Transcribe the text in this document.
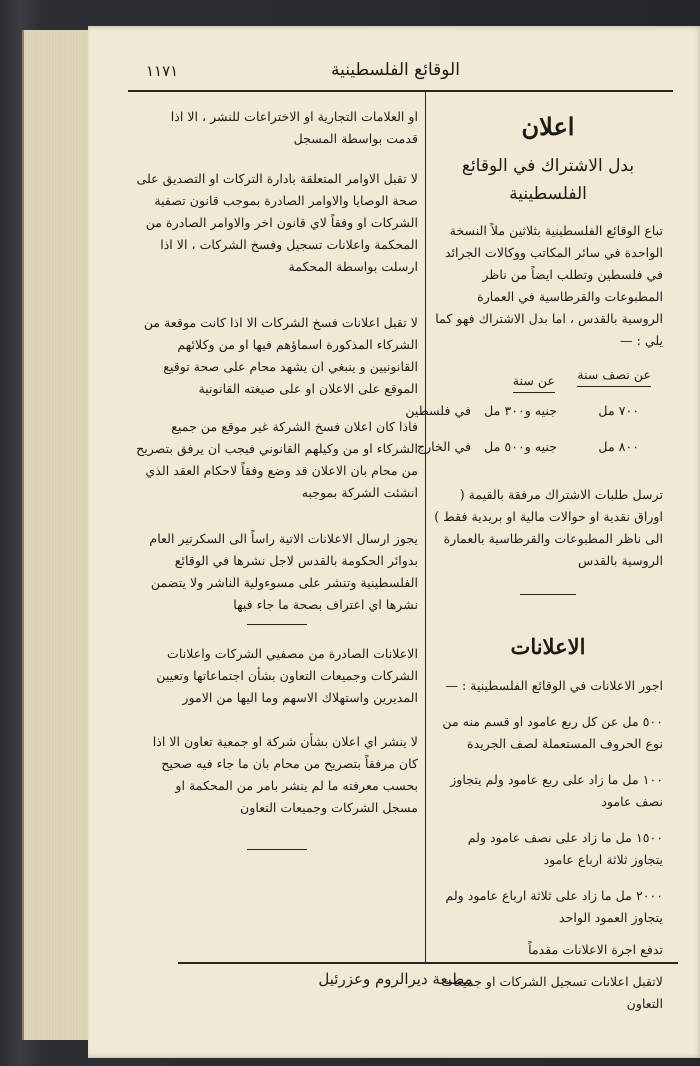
الوقائع الفلسطينية
١١٧١

او العلامات التجارية او الاختراعات للنشر ، الا اذا قدمت بواسطة المسجل

لا تقبل الاوامر المتعلقة بادارة التركات او التصديق على صحة الوصايا والاوامر الصادرة بموجب قانون تصفية الشركات او وفقاً لاي قانون اخر والاوامر الصادرة من المحكمة واعلانات تسجيل وفسخ الشركات ، الا اذا ارسلت بواسطة المحكمة

لا تقبل اعلانات فسخ الشركات الا اذا كانت موقعة من الشركاء المذكورة اسماؤهم فيها او من وكلائهم القانونيين و ينبغي ان يشهد محام على صحة توقيع الموقع على الاعلان او على صيغته القانونية

فاذا كان اعلان فسخ الشركة غير موقع من جميع الشركاء او من وكيلهم القانوني فيجب ان يرفق بتصريح من محام بان الاعلان قد وضع وفقاً لاحكام العقد الذي انشئت الشركة بموجبه

يجوز ارسال الاعلانات الاتية راساً الى السكرتير العام بدوائر الحكومة بالقدس لاجل نشرها في الوقائع الفلسطينية وتنشر على مسوءولية الناشر ولا يتضمن نشرها اي اعتراف بصحة ما جاء فيها

الاعلانات الصادرة من مصفيي الشركات واعلانات الشركات وجميعات التعاون بشأن اجتماعاتها وتعيين المديرين واستهلاك الاسهم وما اليها من الامور

لا ينشر اي اعلان بشأن شركة او جمعية تعاون الا اذا كان مرفقاً بتصريح من محام بان ما جاء فيه صحيح بحسب معرفته ما لم ينشر بامر من المحكمة او مسجل الشركات وجميعات التعاون

اعلان
بدل الاشتراك في الوقائع الفلسطينية

تباع الوقائع الفلسطينية بثلاثين ملاً النسخة الواحدة في سائر المكاتب ووكالات الجرائد في فلسطين وتطلب ايضاً من ناظر المطبوعات والقرطاسية في العمارة الروسية بالقدس ، اما بدل الاشتراك فهو كما يلي : —

عن نصف سنة
عن سنة
في فلسطين	٧٠٠ مل
جنيه و٣٠٠ مل
في الخارج	٨٠٠ مل
جنيه و٥٠٠ مل

ترسل طلبات الاشتراك مرفقة بالقيمة ( اوراق نقدية او حوالات مالية او بريدية فقط ) الى ناظر المطبوعات والقرطاسية بالعمارة الروسية بالقدس

الاعلانات

اجور الاعلانات في الوقائع الفلسطينية : —

٥٠٠ مل عن كل ربع عامود او قسم منه من نوع الحروف المستعملة لصف الجريدة

١٠٠ مل ما زاد على ربع عامود ولم يتجاوز نصف عامود

١٥٠٠ مل ما زاد على نصف عامود ولم يتجاوز ثلاثة ارباع عامود

٢٠٠٠ مل ما زاد على ثلاثة ارباع عامود ولم يتجاوز العمود الواحد

تدفع اجرة الاعلانات مقدماً

لاتقبل اعلانات تسجيل الشركات او جميعات التعاون

مطبعة ديرالروم وعزرئيل
